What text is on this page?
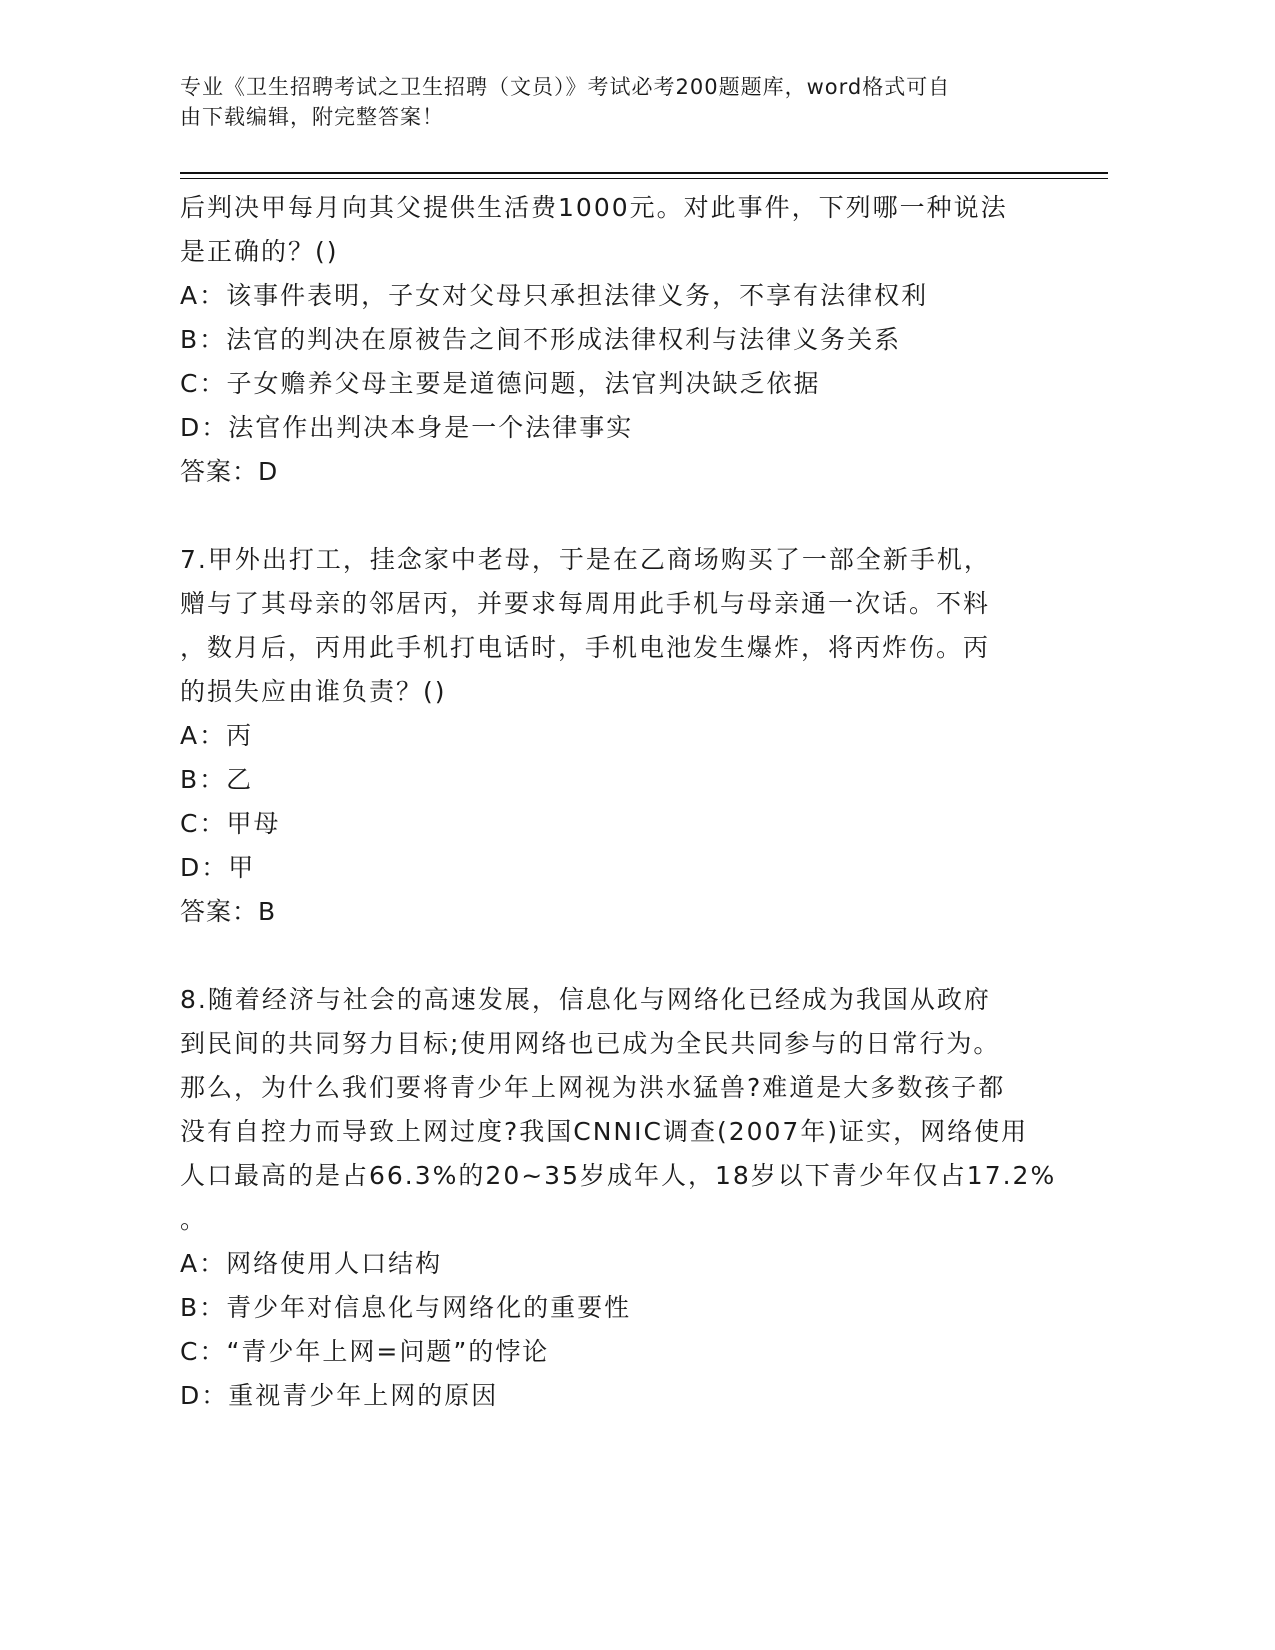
专业《卫生招聘考试之卫生招聘（文员）》考试必考200题题库，word格式可自
由下载编辑，附完整答案！
后判决甲每月向其父提供生活费1000元。对此事件，下列哪一种说法
是正确的？()
A：该事件表明，子女对父母只承担法律义务，不享有法律权利
B：法官的判决在原被告之间不形成法律权利与法律义务关系
C：子女赡养父母主要是道德问题，法官判决缺乏依据
D：法官作出判决本身是一个法律事实
答案：D
7.甲外出打工，挂念家中老母，于是在乙商场购买了一部全新手机，
赠与了其母亲的邻居丙，并要求每周用此手机与母亲通一次话。不料
，数月后，丙用此手机打电话时，手机电池发生爆炸，将丙炸伤。丙
的损失应由谁负责？()
A：丙
B：乙
C：甲母
D：甲
答案：B
8.随着经济与社会的高速发展，信息化与网络化已经成为我国从政府
到民间的共同努力目标;使用网络也已成为全民共同参与的日常行为。
那么，为什么我们要将青少年上网视为洪水猛兽?难道是大多数孩子都
没有自控力而导致上网过度?我国CNNIC调查(2007年)证实，网络使用
人口最高的是占66.3%的20~35岁成年人，18岁以下青少年仅占17.2%
。
A：网络使用人口结构
B：青少年对信息化与网络化的重要性
C：“青少年上网=问题”的悖论
D：重视青少年上网的原因
